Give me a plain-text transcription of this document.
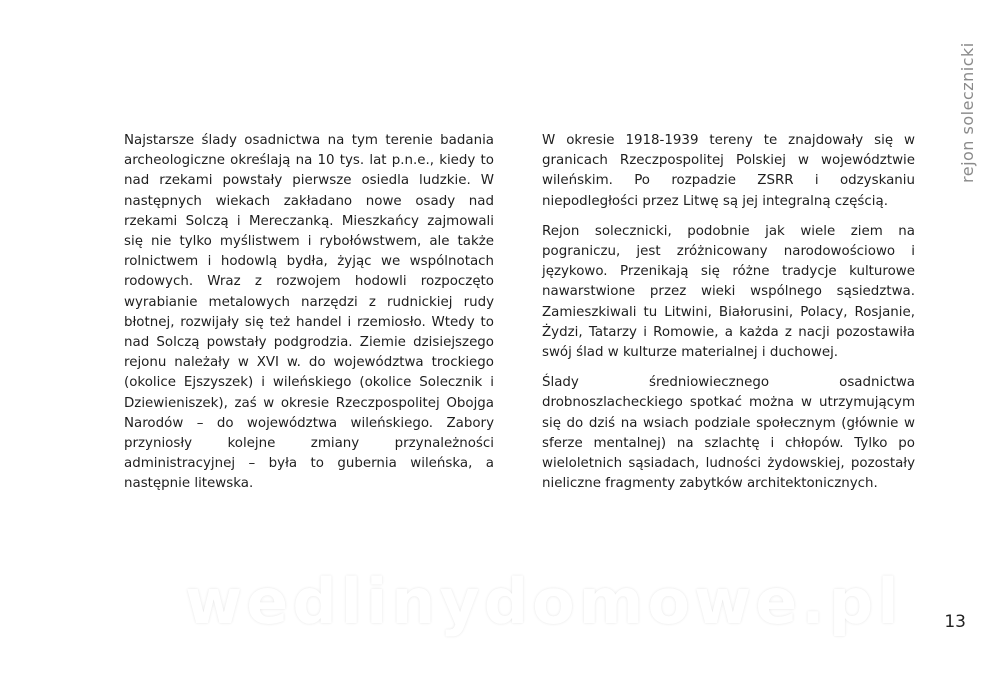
rejon solecznicki

Najstarsze ślady osadnictwa na tym terenie badania archeologiczne określają na 10 tys. lat p.n.e., kiedy to nad rzekami powstały pierwsze osiedla ludzkie. W następnych wiekach zakładano nowe osady nad rzekami Solczą i Mereczanką. Mieszkańcy zajmowali się nie tylko myślistwem i rybołówstwem, ale także rolnictwem i hodowlą bydła, żyjąc we wspólnotach rodowych. Wraz z rozwojem hodowli rozpoczęto wyrabianie metalowych narzędzi z rudnickiej rudy błotnej, rozwijały się też handel i rzemiosło. Wtedy to nad Solczą powstały podgrodzia. Ziemie dzisiejszego rejonu należały w XVI w. do województwa trockiego (okolice Ejszyszek) i wileńskiego (okolice Solecznik i Dziewieniszek), zaś w okresie Rzeczpospolitej Obojga Narodów – do województwa wileńskiego. Zabory przyniosły kolejne zmiany przynależności administracyjnej – była to gubernia wileńska, a następnie litewska.

W okresie 1918-1939 tereny te znajdowały się w granicach Rzeczpospolitej Polskiej w województwie wileńskim. Po rozpadzie ZSRR i odzyskaniu niepodległości przez Litwę są jej integralną częścią.

Rejon solecznicki, podobnie jak wiele ziem na pograniczu, jest zróżnicowany narodowościowo i językowo. Przenikają się różne tradycje kulturowe nawarstwione przez wieki wspólnego sąsiedztwa. Zamieszkiwali tu Litwini, Białorusini, Polacy, Rosjanie, Żydzi, Tatarzy i Romowie, a każda z nacji pozostawiła swój ślad w kulturze materialnej i duchowej.

Ślady średniowiecznego osadnictwa drobnoszlacheckiego spotkać można w utrzymującym się do dziś na wsiach podziale społecznym (głównie w sferze mentalnej) na szlachtę i chłopów. Tylko po wieloletnich sąsiadach, ludności żydowskiej, pozostały nieliczne fragmenty zabytków architektonicznych.

wedlinydomowe.pl 13
